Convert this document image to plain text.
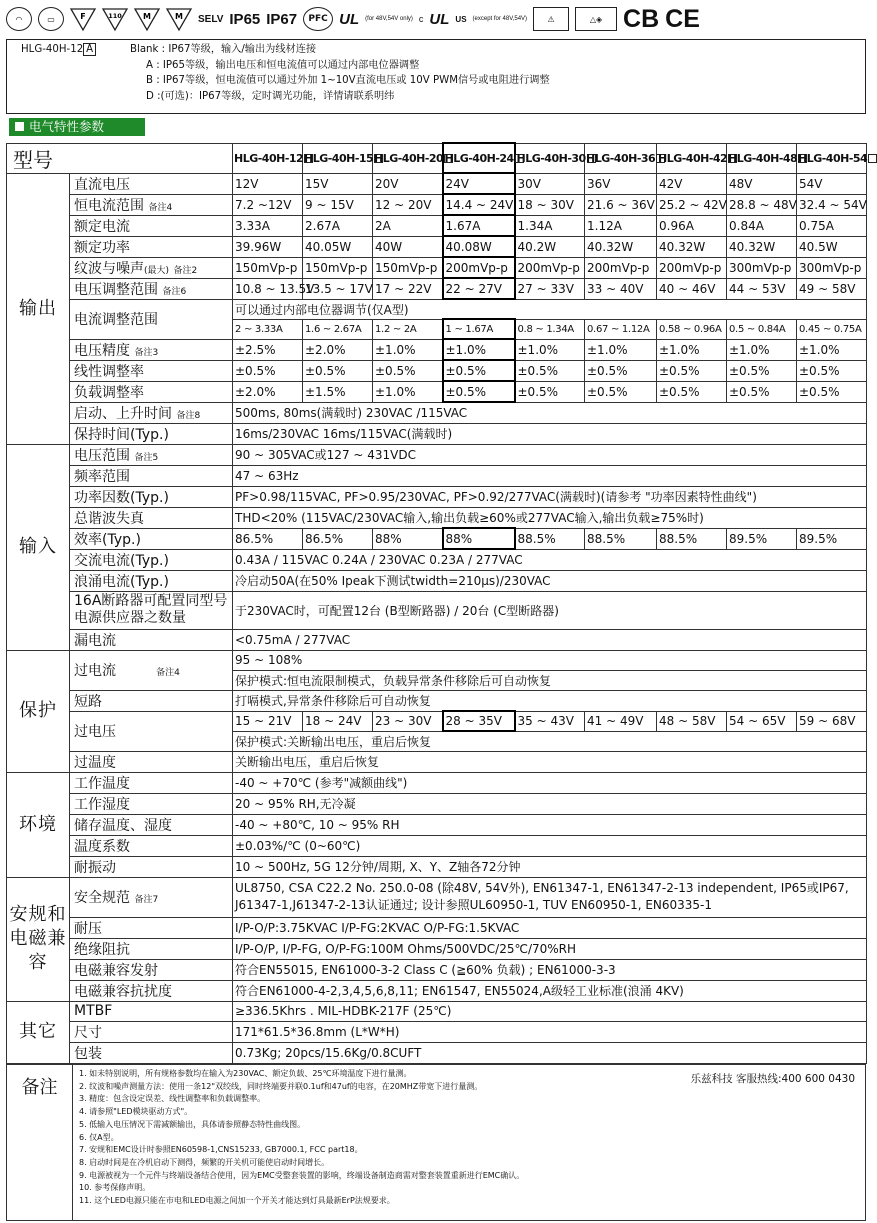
◠	▭	F	110	M	M SELV IP65 IP67	PFC UL (for 48V,54V only) c UL US (except for 48V,54V)	⚠	△◈ CB CE
HLG-40H-12 A	Blank : IP67等级，输入/输出为线材连接
A : IP65等级，输出电压和恒电流值可以通过内部电位器调整
B : IP67等级，恒电流值可以通过外加 1~10V直流电压或 10V PWM信号或电阻进行调整
D :(可选)：IP67等级，定时调光功能，详情请联系明纬
电气特性参数
型号		HLG-40H-12	HLG-40H-15	HLG-40H-20	HLG-40H-24	HLG-40H-30	HLG-40H-36	HLG-40H-42	HLG-40H-48	HLG-40H-54
输出	直流电压	12V	15V	20V	24V	30V	36V	42V	48V	54V
	恒电流范围 备注4	7.2 ~12V	9 ~ 15V	12 ~ 20V	14.4 ~ 24V	18 ~ 30V	21.6 ~ 36V	25.2 ~ 42V	28.8 ~ 48V	32.4 ~ 54V
	额定电流	3.33A	2.67A	2A	1.67A	1.34A	1.12A	0.96A	0.84A	0.75A
	额定功率	39.96W	40.05W	40W	40.08W	40.2W	40.32W	40.32W	40.32W	40.5W
	纹波与噪声(最大) 备注2	150mVp-p	150mVp-p	150mVp-p	200mVp-p	200mVp-p	200mVp-p	200mVp-p	300mVp-p	300mVp-p
	电压调整范围 备注6	10.8 ~ 13.5V	13.5 ~ 17V	17 ~ 22V	22 ~ 27V	27 ~ 33V	33 ~ 40V	40 ~ 46V	44 ~ 53V	49 ~ 58V
	电流调整范围	可以通过内部电位器调节(仅A型)								
		2 ~ 3.33A	1.6 ~ 2.67A	1.2 ~ 2A	1 ~ 1.67A	0.8 ~ 1.34A	0.67 ~ 1.12A	0.58 ~ 0.96A	0.5 ~ 0.84A	0.45 ~ 0.75A
	电压精度 备注3	±2.5%	±2.0%	±1.0%	±1.0%	±1.0%	±1.0%	±1.0%	±1.0%	±1.0%
	线性调整率	±0.5%	±0.5%	±0.5%	±0.5%	±0.5%	±0.5%	±0.5%	±0.5%	±0.5%
	负载调整率	±2.0%	±1.5%	±1.0%	±0.5%	±0.5%	±0.5%	±0.5%	±0.5%	±0.5%
	启动、上升时间 备注8	500ms, 80ms(满载时) 230VAC /115VAC								
	保持时间(Typ.)	16ms/230VAC 16ms/115VAC(满载时)								
输入	电压范围 备注5	90 ~ 305VAC或127 ~ 431VDC								
	频率范围	47 ~ 63Hz								
	功率因数(Typ.)	PF>0.98/115VAC, PF>0.95/230VAC, PF>0.92/277VAC(满载时)(请参考 "功率因素特性曲线")								
	总谐波失真	THD<20% (115VAC/230VAC输入,输出负载≥60%或277VAC输入,输出负载≥75%时)								
	效率(Typ.)	86.5%	86.5%	88%	88%	88.5%	88.5%	88.5%	89.5%	89.5%
	交流电流(Typ.)	0.43A / 115VAC 0.24A / 230VAC 0.23A / 277VAC								
	浪涌电流(Typ.)	冷启动50A(在50% Ipeak下测试twidth=210μs)/230VAC								
	16A断路器可配置同型号电源供应器之数量	于230VAC时，可配置12台 (B型断路器) / 20台 (C型断路器)								
	漏电流	<0.75mA / 277VAC								
保护	过电流 备注4	95 ~ 108%								
		保护模式:恒电流限制模式，负载异常条件移除后可自动恢复								
	短路	打嗝模式,异常条件移除后可自动恢复								
	过电压	15 ~ 21V	18 ~ 24V	23 ~ 30V	28 ~ 35V	35 ~ 43V	41 ~ 49V	48 ~ 58V	54 ~ 65V	59 ~ 68V
		保护模式:关断输出电压，重启后恢复								
	过温度	关断输出电压，重启后恢复								
环境	工作温度	-40 ~ +70℃ (参考"减额曲线")								
	工作湿度	20 ~ 95% RH,无冷凝								
	储存温度、湿度	-40 ~ +80℃, 10 ~ 95% RH								
	温度系数	±0.03%/℃ (0~60℃)								
	耐振动	10 ~ 500Hz, 5G 12分钟/周期, X、Y、Z轴各72分钟								
安规和电磁兼容	安全规范 备注7	UL8750, CSA C22.2 No. 250.0-08 (除48V, 54V外), EN61347-1, EN61347-2-13 independent, IP65或IP67, J61347-1,J61347-2-13认证通过; 设计参照UL60950-1, TUV EN60950-1, EN60335-1								
	耐压	I/P-O/P:3.75KVAC I/P-FG:2KVAC O/P-FG:1.5KVAC								
	绝缘阻抗	I/P-O/P, I/P-FG, O/P-FG:100M Ohms/500VDC/25℃/70%RH								
	电磁兼容发射	符合EN55015, EN61000-3-2 Class C (≧60% 负载) ; EN61000-3-3								
	电磁兼容抗扰度	符合EN61000-4-2,3,4,5,6,8,11; EN61547, EN55024,A级轻工业标准(浪涌 4KV)								
其它	MTBF	≥336.5Khrs . MIL-HDBK-217F (25℃)								
	尺寸	171*61.5*36.8mm (L*W*H)								
	包装	0.73Kg; 20pcs/15.6Kg/0.8CUFT								
备注
1. 如未特别说明，所有规格参数均在输入为230VAC、额定负载、25℃环境温度下进行量测。
2. 纹波和噪声测量方法：使用一条12"双绞线，同时终端要并联0.1uf和47uf的电容，在20MHZ带宽下进行量测。
3. 精度：包含设定误差、线性调整率和负载调整率。
4. 请参照"LED模块驱动方式"。
5. 低输入电压情况下需减额输出，具体请参照静态特性曲线图。
6. 仅A型。
7. 安规和EMC设计时参照EN60598-1,CNS15233, GB7000.1, FCC part18。
8. 启动时间是在冷机启动下测得，频繁的开关机可能使启动时间增长。
9. 电源被视为一个元件与终端设备结合使用，因为EMC受整套装置的影响，终端设备制造商需对整套装置重新进行EMC确认。
10. 参考保修声明。
11. 这个LED电源只能在市电和LED电源之间加一个开关才能达到灯具最新ErP法规要求。
乐兹科技 客服热线:400 600 0430
